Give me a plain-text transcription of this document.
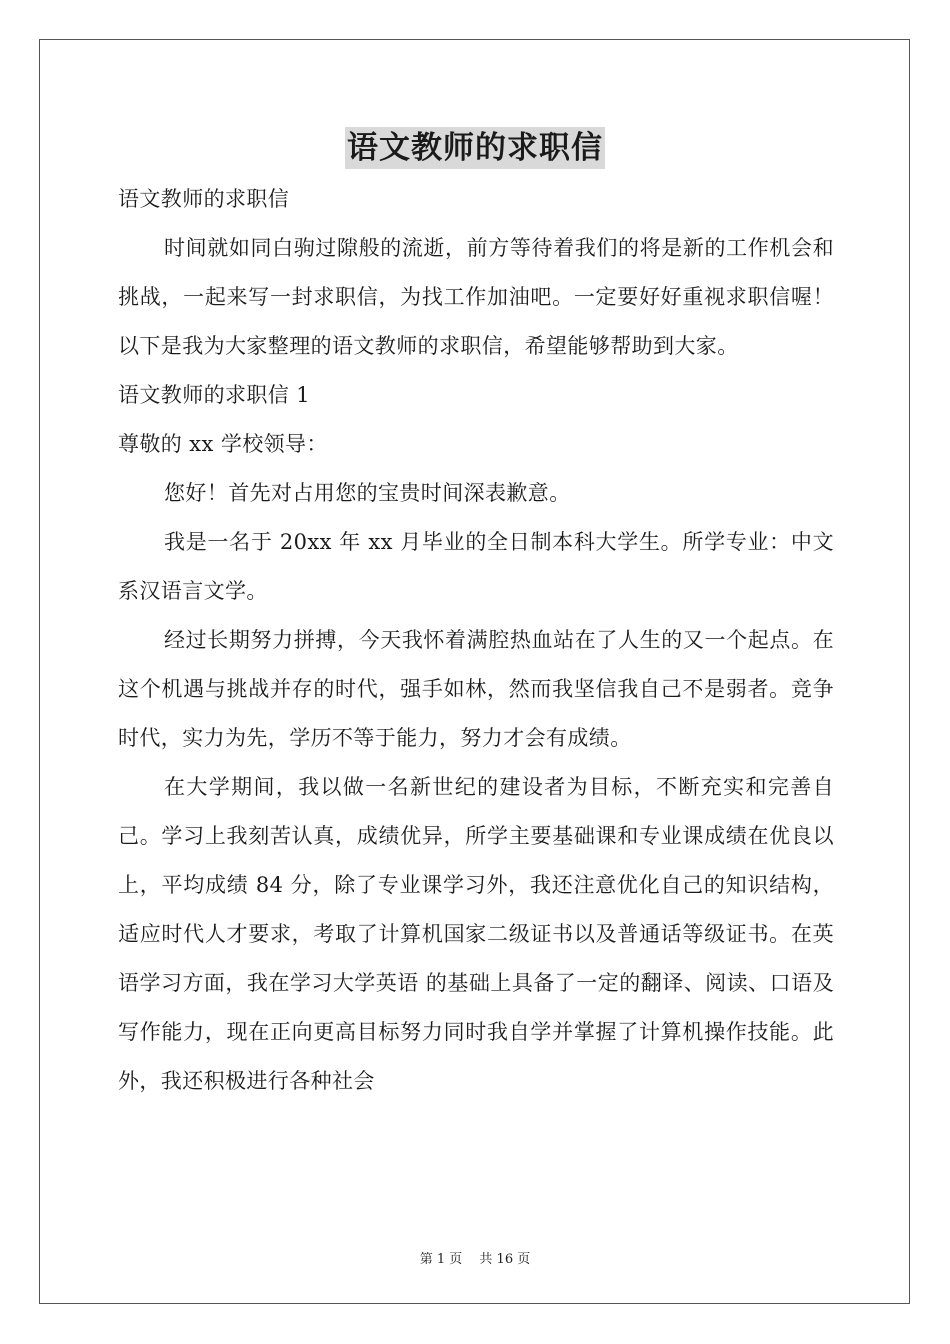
语文教师的求职信

语文教师的求职信

时间就如同白驹过隙般的流逝，前方等待着我们的将是新的工作机会和挑战，一起来写一封求职信，为找工作加油吧。一定要好好重视求职信喔！以下是我为大家整理的语文教师的求职信，希望能够帮助到大家。

语文教师的求职信 1

尊敬的 xx 学校领导：

您好！首先对占用您的宝贵时间深表歉意。

我是一名于 20xx 年 xx 月毕业的全日制本科大学生。所学专业：中文系汉语言文学。

经过长期努力拼搏，今天我怀着满腔热血站在了人生的又一个起点。在这个机遇与挑战并存的时代，强手如林，然而我坚信我自己不是弱者。竞争时代，实力为先，学历不等于能力，努力才会有成绩。

在大学期间，我以做一名新世纪的建设者为目标，不断充实和完善自己。学习上我刻苦认真，成绩优异，所学主要基础课和专业课成绩在优良以上，平均成绩 84 分，除了专业课学习外，我还注意优化自己的知识结构，适应时代人才要求，考取了计算机国家二级证书以及普通话等级证书。在英语学习方面，我在学习大学英语 的基础上具备了一定的翻译、阅读、口语及写作能力，现在正向更高目标努力同时我自学并掌握了计算机操作技能。此外，我还积极进行各种社会

第 1 页　 共 16 页
